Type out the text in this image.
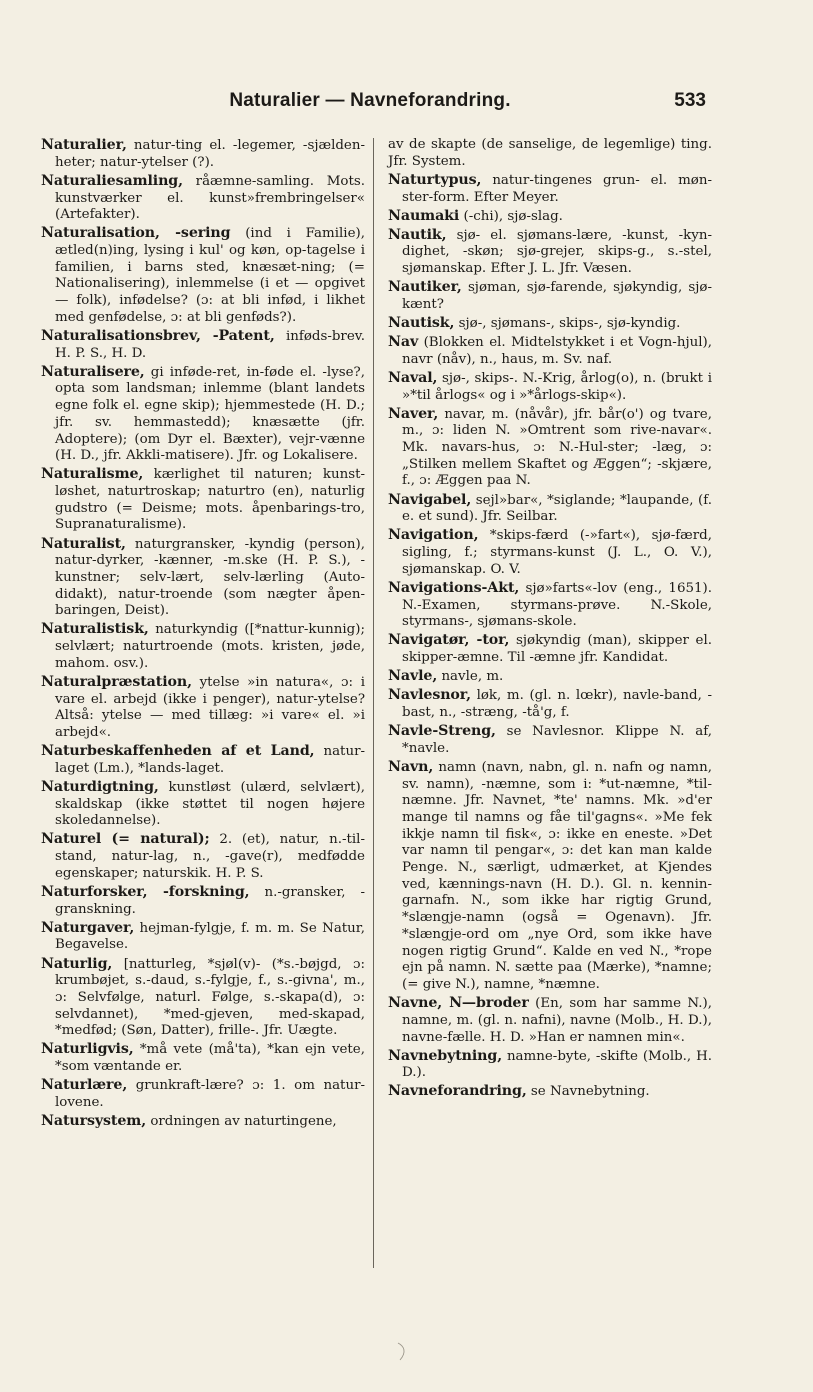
Naturalier — Navneforandring.	533

Naturalier, natur-ting el. -legemer, -sjælden-heter; natur-ytelser (?).

Naturaliesamling, råæmne-samling. Mots. kunstværker el. kunst»frembringelser« (Artefakter).

Naturalisation, -sering (ind i Familie), ætled(n)ing, lysing i kul' og køn, op-tagelse i familien, i barns sted, knæsæt-ning; (= Nationalisering), inlemmelse (i et — opgivet — folk), infødelse? (ɔ: at bli infød, i likhet med genfødelse, ɔ: at bli genføds?).

Naturalisationsbrev, -Patent, inføds-brev. H. P. S., H. D.

Naturalisere, gi inføde-ret, in-føde el. -lyse?, opta som landsman; inlemme (blant landets egne folk el. egne skip); hjemmestede (H. D.; jfr. sv. hemmastedd); knæsætte (jfr. Adoptere); (om Dyr el. Bæxter), vejr-vænne (H. D., jfr. Akkli-matisere). Jfr. og Lokalisere.

Naturalisme, kærlighet til naturen; kunst-løshet, naturtroskap; naturtro (en), naturlig gudstro (= Deisme; mots. åpenbarings-tro, Supranaturalisme).

Naturalist, naturgransker, -kyndig (person), natur-dyrker, -kænner, -m.ske (H. P. S.), -kunstner; selv-lært, selv-lærling (Auto-didakt), natur-troende (som nægter åpen-baringen, Deist).

Naturalistisk, naturkyndig ([*nattur-kunnig); selvlært; naturtroende (mots. kristen, jøde, mahom. osv.).

Naturalpræstation, ytelse »in natura«, ɔ: i vare el. arbejd (ikke i penger), natur-ytelse? Altså: ytelse — med tillæg: »i vare« el. »i arbejd«.

Naturbeskaffenheden af et Land, natur-laget (Lm.), *lands-laget.

Naturdigtning, kunstløst (ulærd, selvlært), skaldskap (ikke støttet til nogen højere skoledannelse).

Naturel (= natural); 2. (et), natur, n.-til-stand, natur-lag, n., -gave(r), medfødde egenskaper; naturskik. H. P. S.

Naturforsker, -forskning, n.-gransker, -granskning.

Naturgaver, hejman-fylgje, f. m. m. Se Natur, Begavelse.

Naturlig, [natturleg, *sjøl(v)- (*s.-bøjgd, ɔ: krumbøjet, s.-daud, s.-fylgje, f., s.-givna', m., ɔ: Selvfølge, naturl. Følge, s.-skapa(d), ɔ: selvdannet), *med-gjeven, med-skapad, *medfød; (Søn, Datter), frille-. Jfr. Uægte.

Naturligvis, *må vete (må'ta), *kan ejn vete, *som væntande er.

Naturlære, grunkraft-lære? ɔ: 1. om natur-lovene.

Natursystem, ordningen av naturtingene,

av de skapte (de sanselige, de legemlige) ting. Jfr. System.

Naturtypus, natur-tingenes grun- el. møn-ster-form. Efter Meyer.

Naumaki (-chi), sjø-slag.

Nautik, sjø- el. sjømans-lære, -kunst, -kyn-dighet, -skøn; sjø-grejer, skips-g., s.-stel, sjømanskap. Efter J. L. Jfr. Væsen.

Nautiker, sjøman, sjø-farende, sjøkyndig, sjø-kænt?

Nautisk, sjø-, sjømans-, skips-, sjø-kyndig.

Nav (Blokken el. Midtelstykket i et Vogn-hjul), navr (nåv), n., haus, m. Sv. naf.

Naval, sjø-, skips-. N.-Krig, årlog(o), n. (brukt i »*til årlogs« og i »*årlogs-skip«).

Naver, navar, m. (nåvår), jfr. bår(o') og tvare, m., ɔ: liden N. »Omtrent som rive-navar«. Mk. navars-hus, ɔ: N.-Hul-ster; -læg, ɔ: „Stilken mellem Skaftet og Æggen“; -skjære, f., ɔ: Æggen paa N.

Navigabel, sejl»bar«, *siglande; *laupande, (f. e. et sund). Jfr. Seilbar.

Navigation, *skips-færd (-»fart«), sjø-færd, sigling, f.; styrmans-kunst (J. L., O. V.), sjømanskap. O. V.

Navigations-Akt, sjø»farts«-lov (eng., 1651). N.-Examen, styrmans-prøve. N.-Skole, styrmans-, sjømans-skole.

Navigatør, -tor, sjøkyndig (man), skipper el. skipper-æmne. Til -æmne jfr. Kandidat.

Navle, navle, m.

Navlesnor, løk, m. (gl. n. lœkr), navle-band, -bast, n., -stræng, -tå'g, f.

Navle-Streng, se Navlesnor. Klippe N. af, *navle.

Navn, namn (navn, nabn, gl. n. nafn og namn, sv. namn), -næmne, som i: *ut-næmne, *til-næmne. Jfr. Navnet, *te' namns. Mk. »d'er mange til namns og fåe til'gagns«. »Me fek ikkje namn til fisk«, ɔ: ikke en eneste. »Det var namn til pengar«, ɔ: det kan man kalde Penge. N., særligt, udmærket, at Kjendes ved, kænnings-navn (H. D.). Gl. n. kennin-garnafn. N., som ikke har rigtig Grund, *slængje-namn (også = Ogenavn). Jfr. *slængje-ord om „nye Ord, som ikke have nogen rigtig Grund“. Kalde en ved N., *rope ejn på namn. N. sætte paa (Mærke), *namne; (= give N.), namne, *næmne.

Navne, N—broder (En, som har samme N.), namne, m. (gl. n. nafni), navne (Molb., H. D.), navne-fælle. H. D. »Han er namnen min«.

Navnebytning, namne-byte, -skifte (Molb., H. D.).

Navneforandring, se Navnebytning.
